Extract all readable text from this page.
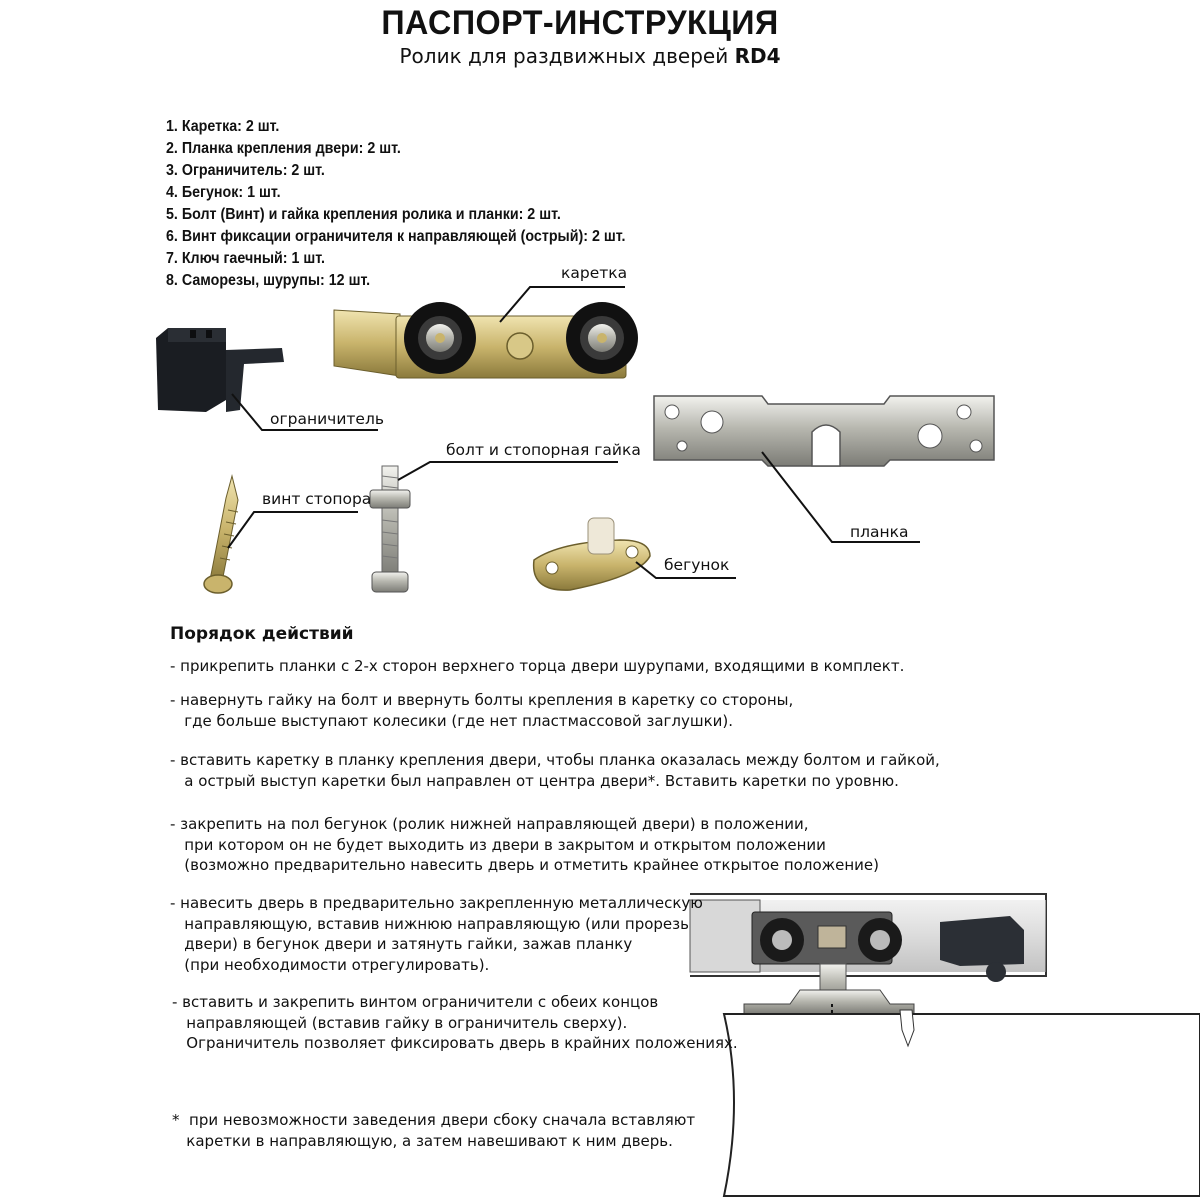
ПАСПОРТ-ИНСТРУКЦИЯ
Ролик для раздвижных дверей RD4
1. Каретка: 2 шт.
2. Планка крепления двери: 2 шт.
3. Ограничитель: 2 шт.
4. Бегунок: 1 шт.
5. Болт (Винт) и гайка крепления ролика и планки: 2 шт.
6. Винт фиксации ограничителя к направляющей (острый): 2 шт.
7. Ключ гаечный: 1 шт.
8. Саморезы, шурупы: 12 шт.	каретка
ограничитель
болт и стопорная гайка
винт стопора
планка
бегунок
Порядок действий
- прикрепить планки с 2-х сторон верхнего торца двери шурупами, входящими в комплект.
- навернуть гайку на болт и ввернуть болты крепления в каретку со стороны,
где больше выступают колесики (где нет пластмассовой заглушки).
- вставить каретку в планку крепления двери, чтобы планка оказалась между болтом и гайкой,
а острый выступ каретки был направлен от центра двери*. Вставить каретки по уровню.
- закрепить на пол бегунок (ролик нижней направляющей двери) в положении,
при котором он не будет выходить из двери в закрытом и открытом положении
(возможно предварительно навесить дверь и отметить крайнее открытое положение)
- навесить дверь в предварительно закрепленную металлическую
направляющую, вставив нижнюю направляющую (или прорезь
двери) в бегунок двери и затянуть гайки, зажав планку
(при необходимости отрегулировать).
- вставить и закрепить винтом ограничители с обеих концов
направляющей (вставив гайку в ограничитель сверху).
Ограничитель позволяет фиксировать дверь в крайних положениях.
*  при невозможности заведения двери сбоку сначала вставляют
каретки в направляющую, а затем навешивают к ним дверь.
